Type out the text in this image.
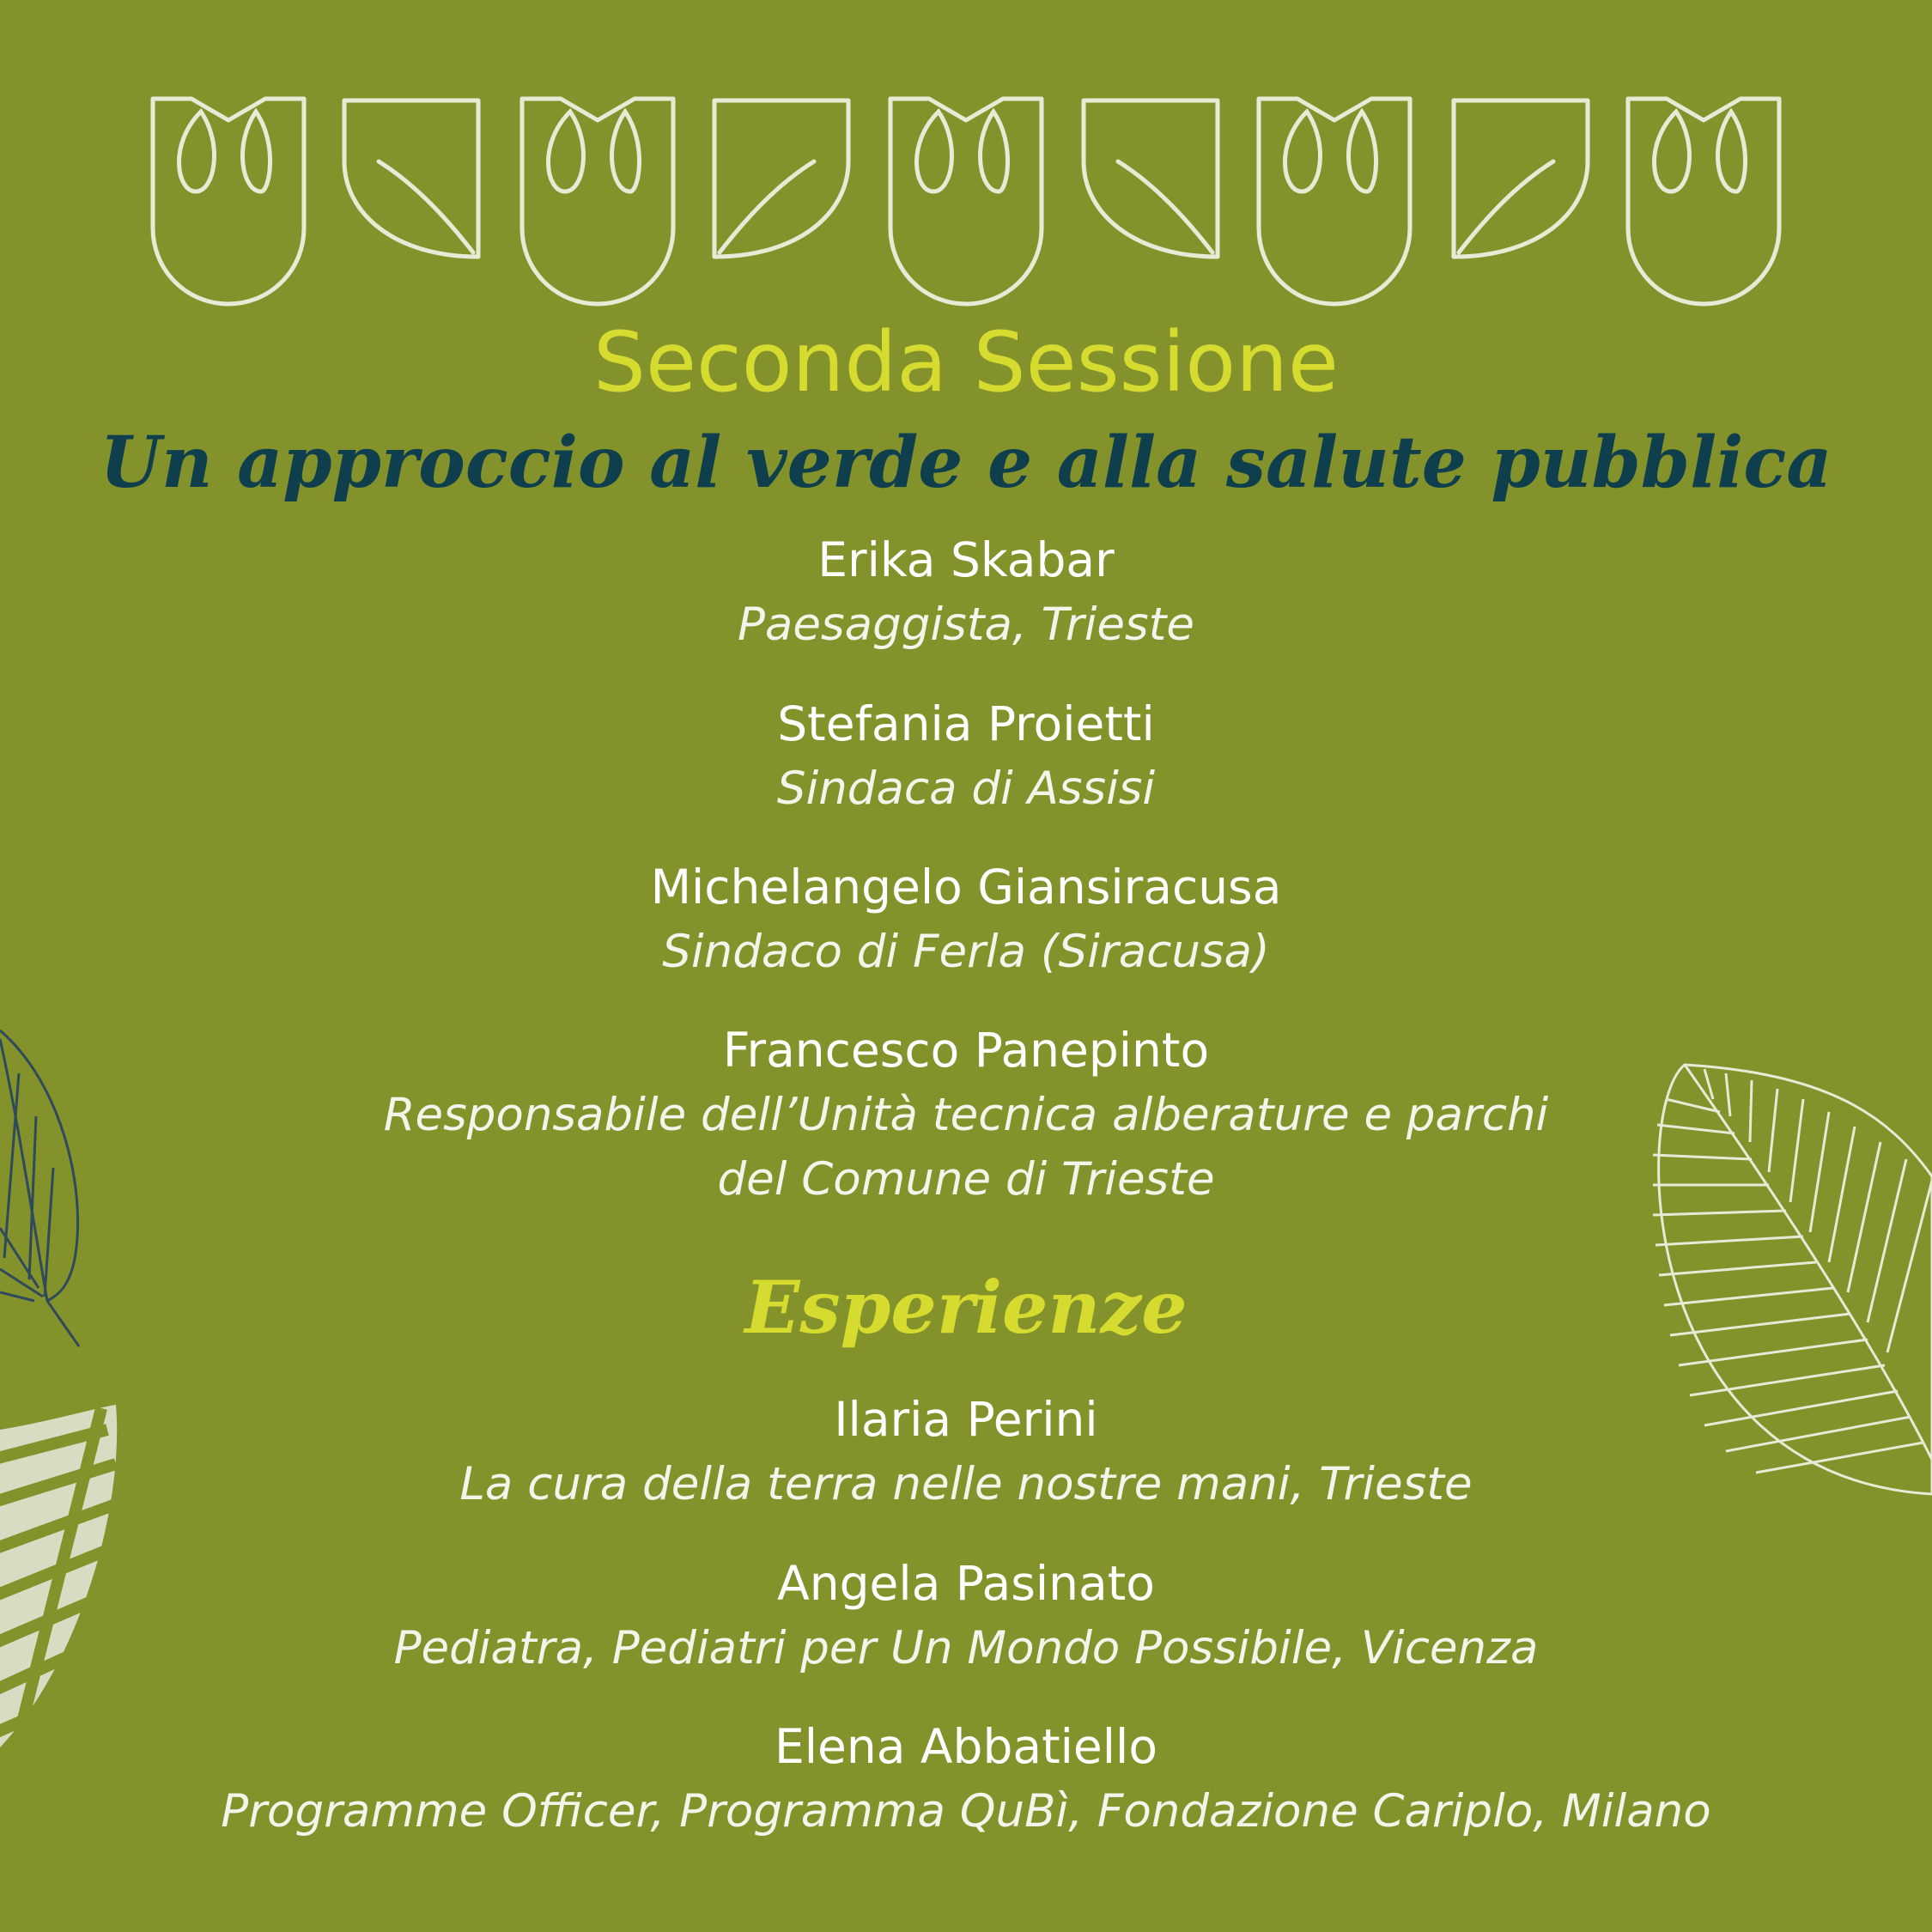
Seconda Sessione
Un approccio al verde e alla salute pubblica
Erika Skabar
Paesaggista, Trieste
Stefania Proietti
Sindaca di Assisi
Michelangelo Giansiracusa
Sindaco di Ferla (Siracusa)
Francesco Panepinto
Responsabile dell’Unità tecnica alberature e parchi
del Comune di Trieste
Esperienze
Ilaria Perini
La cura della terra nelle nostre mani, Trieste
Angela Pasinato
Pediatra, Pediatri per Un Mondo Possibile, Vicenza
Elena Abbatiello
Programme Officer, Programma QuBì, Fondazione Cariplo, Milano
